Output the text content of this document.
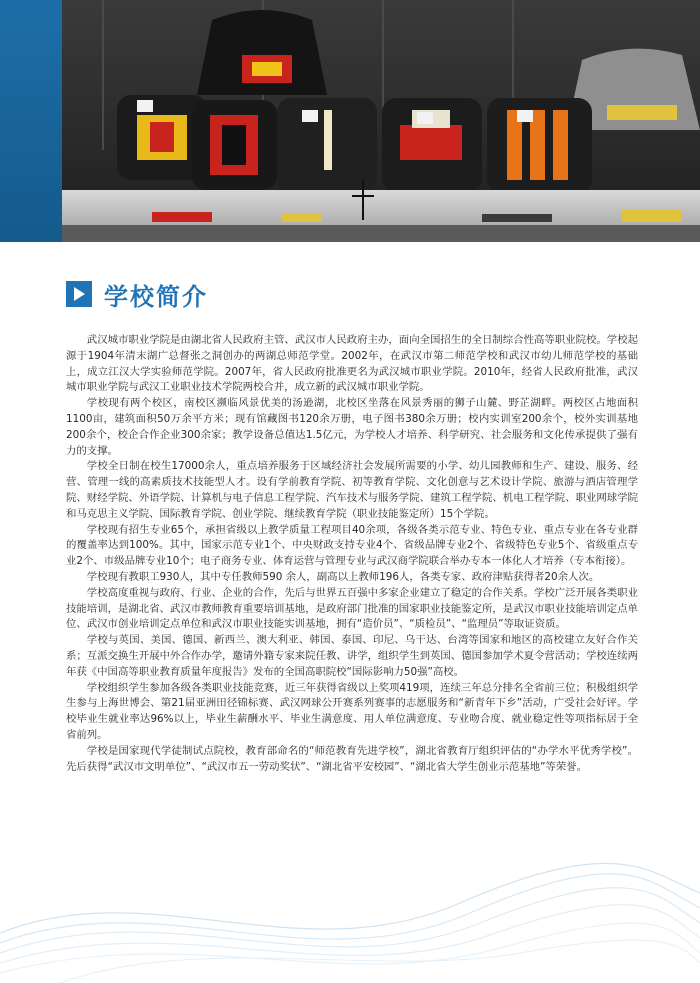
学校简介

武汉城市职业学院是由湖北省人民政府主管、武汉市人民政府主办，面向全国招生的全日制综合性高等职业院校。学校起源于1904年清末湖广总督张之洞创办的两湖总师范学堂。2002年，在武汉市第二师范学校和武汉市幼儿师范学校的基础上，成立江汉大学实验师范学院。2007年，省人民政府批准更名为武汉城市职业学院。2010年，经省人民政府批准，武汉城市职业学院与武汉工业职业技术学院两校合并，成立新的武汉城市职业学院。

学校现有两个校区，南校区濒临风景优美的汤逊湖，北校区坐落在风景秀丽的狮子山麓、野芷湖畔。两校区占地面积1100亩，建筑面积50万余平方米；现有馆藏图书120余万册，电子图书380余万册；校内实训室200余个，校外实训基地200余个，校企合作企业300余家；教学设备总值达1.5亿元，为学校人才培养、科学研究、社会服务和文化传承提供了强有力的支撑。

学校全日制在校生17000余人，重点培养服务于区域经济社会发展所需要的小学、幼儿园教师和生产、建设、服务、经营、管理一线的高素质技术技能型人才。设有学前教育学院、初等教育学院、文化创意与艺术设计学院、旅游与酒店管理学院、财经学院、外语学院、计算机与电子信息工程学院、汽车技术与服务学院、建筑工程学院、机电工程学院、职业网球学院和马克思主义学院、国际教育学院、创业学院、继续教育学院（职业技能鉴定所）15个学院。

学校现有招生专业65个，承担省级以上教学质量工程项目40余项，各级各类示范专业、特色专业、重点专业在各专业群的覆盖率达到100%。其中，国家示范专业1个、中央财政支持专业4个、省级品牌专业2个、省级特色专业5个、省级重点专业2个、市级品牌专业10个；电子商务专业、体育运营与管理专业与武汉商学院联合举办专本一体化人才培养（专本衔接）。

学校现有教职工930人，其中专任教师590 余人，副高以上教师196人，各类专家、政府津贴获得者20余人次。

学校高度重视与政府、行业、企业的合作，先后与世界五百强中多家企业建立了稳定的合作关系。学校广泛开展各类职业技能培训，是湖北省、武汉市教师教育重要培训基地，是政府部门批准的国家职业技能鉴定所，是武汉市职业技能培训定点单位、武汉市创业培训定点单位和武汉市职业技能实训基地，拥有“造价员”、“质检员”、“监理员”等取证资质。

学校与英国、美国、德国、新西兰、澳大利亚、韩国、泰国、印尼、乌干达、台湾等国家和地区的高校建立友好合作关系；互派交换生开展中外合作办学，邀请外籍专家来院任教、讲学，组织学生到英国、德国参加学术夏令营活动；学校连续两年获《中国高等职业教育质量年度报告》发布的全国高职院校“国际影响力50强”高校。

学校组织学生参加各级各类职业技能竞赛，近三年获得省级以上奖项419项，连续三年总分排名全省前三位；积极组织学生参与上海世博会、第21届亚洲田径锦标赛、武汉网球公开赛系列赛事的志愿服务和“新青年下乡”活动，广受社会好评。学校毕业生就业率达96%以上，毕业生薪酬水平、毕业生满意度、用人单位满意度、专业吻合度、就业稳定性等项指标居于全省前列。

学校是国家现代学徒制试点院校，教育部命名的“师范教育先进学校”，湖北省教育厅组织评估的“办学水平优秀学校”。先后获得“武汉市文明单位”、“武汉市五一劳动奖状”、“湖北省平安校园”、“湖北省大学生创业示范基地”等荣誉。
